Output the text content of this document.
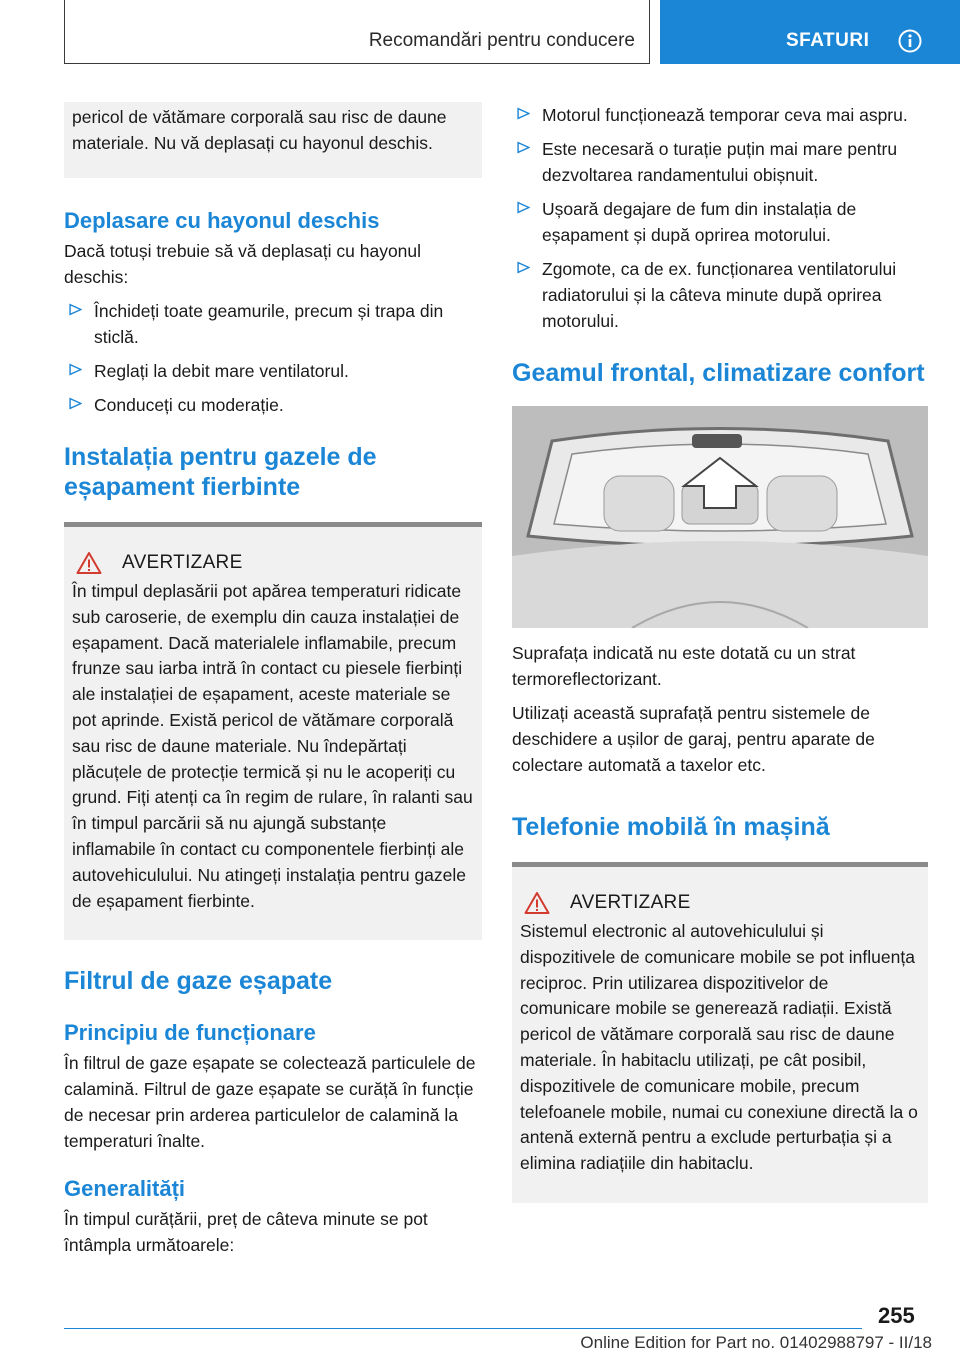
Recomandări pentru conducere	SFATURI

pericol de vătămare corporală sau risc de daune materiale. Nu vă deplasați cu hayonul deschis.

Deplasare cu hayonul deschis

Dacă totuși trebuie să vă deplasați cu hayonul deschis:

Închideți toate geamurile, precum și trapa din sticlă.
Reglați la debit mare ventilatorul.
Conduceți cu moderație.
Instalația pentru gazele de eșapament fierbinte
AVERTIZARE

În timpul deplasării pot apărea temperaturi ridicate sub caroserie, de exemplu din cauza instalației de eșapament. Dacă materialele inflamabile, precum frunze sau iarba intră în contact cu piesele fierbinți ale instalației de eșapament, aceste materiale se pot aprinde. Există pericol de vătămare corporală sau risc de daune materiale. Nu îndepărtați plăcuțele de protecție termică și nu le acoperiți cu grund. Fiți atenți ca în regim de rulare, în ralanti sau în timpul parcării să nu ajungă substanțe inflamabile în contact cu componentele fierbinți ale autovehiculului. Nu atingeți instalația pentru gazele de eșapament fierbinte.

Filtrul de gaze eșapate
Principiu de funcționare

În filtrul de gaze eșapate se colectează particulele de calamină. Filtrul de gaze eșapate se curăță în funcție de necesar prin arderea particulelor de calamină la temperaturi înalte.

Generalități

În timpul curățării, preț de câteva minute se pot întâmpla următoarele:

Motorul funcționează temporar ceva mai aspru.
Este necesară o turație puțin mai mare pentru dezvoltarea randamentului obișnuit.
Ușoară degajare de fum din instalația de eșapament și după oprirea motorului.
Zgomote, ca de ex. funcționarea ventilatorului radiatorului și la câteva minute după oprirea motorului.
Geamul frontal, climatizare confort

Suprafața indicată nu este dotată cu un strat termoreflectorizant.

Utilizați această suprafață pentru sistemele de deschidere a ușilor de garaj, pentru aparate de colectare automată a taxelor etc.

Telefonie mobilă în mașină
AVERTIZARE

Sistemul electronic al autovehiculului și dispozitivele de comunicare mobile se pot influența reciproc. Prin utilizarea dispozitivelor de comunicare mobile se generează radiații. Există pericol de vătămare corporală sau risc de daune materiale. În habitaclu utilizați, pe cât posibil, dispozitivele de comunicare mobile, precum telefoanele mobile, numai cu conexiune directă la o antenă externă pentru a exclude perturbația și a elimina radiațiile din habitaclu.

255
Online Edition for Part no. 01402988797 - II/18
